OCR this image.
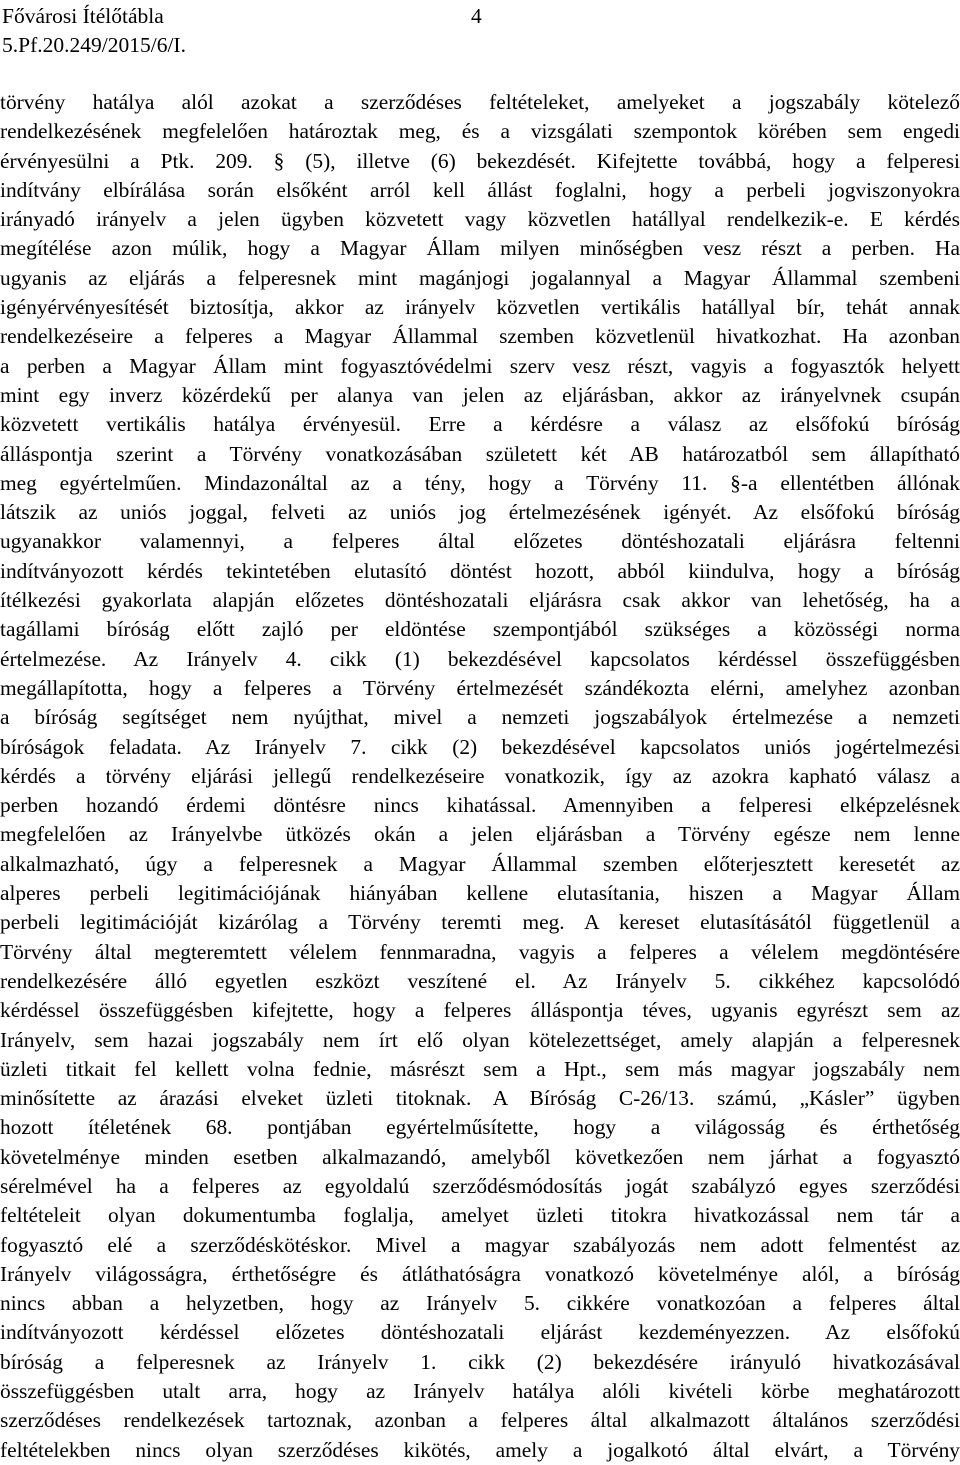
Fővárosi Ítélőtábla	4
5.Pf.20.249/2015/6/I.
törvény hatálya alól azokat a szerződéses feltételeket, amelyeket a jogszabály kötelező
rendelkezésének megfelelően határoztak meg, és a vizsgálati szempontok körében sem engedi
érvényesülni a Ptk. 209. § (5), illetve (6) bekezdését. Kifejtette továbbá, hogy a felperesi
indítvány elbírálása során elsőként arról kell állást foglalni, hogy a perbeli jogviszonyokra
irányadó irányelv a jelen ügyben közvetett vagy közvetlen hatállyal rendelkezik-e. E kérdés
megítélése azon múlik, hogy a Magyar Állam milyen minőségben vesz részt a perben. Ha
ugyanis az eljárás a felperesnek mint magánjogi jogalannyal a Magyar Állammal szembeni
igényérvényesítését biztosítja, akkor az irányelv közvetlen vertikális hatállyal bír, tehát annak
rendelkezéseire a felperes a Magyar Állammal szemben közvetlenül hivatkozhat. Ha azonban
a perben a Magyar Állam mint fogyasztóvédelmi szerv vesz részt, vagyis a fogyasztók helyett
mint egy inverz közérdekű per alanya van jelen az eljárásban, akkor az irányelvnek csupán
közvetett vertikális hatálya érvényesül. Erre a kérdésre a válasz az elsőfokú bíróság
álláspontja szerint a Törvény vonatkozásában született két AB határozatból sem állapítható
meg egyértelműen. Mindazonáltal az a tény, hogy a Törvény 11. §-a ellentétben állónak
látszik az uniós joggal, felveti az uniós jog értelmezésének igényét. Az elsőfokú bíróság
ugyanakkor valamennyi, a felperes által előzetes döntéshozatali eljárásra feltenni
indítványozott kérdés tekintetében elutasító döntést hozott, abból kiindulva, hogy a bíróság
ítélkezési gyakorlata alapján előzetes döntéshozatali eljárásra csak akkor van lehetőség, ha a
tagállami bíróság előtt zajló per eldöntése szempontjából szükséges a közösségi norma
értelmezése. Az Irányelv 4. cikk (1) bekezdésével kapcsolatos kérdéssel összefüggésben
megállapította, hogy a felperes a Törvény értelmezését szándékozta elérni, amelyhez azonban
a bíróság segítséget nem nyújthat, mivel a nemzeti jogszabályok értelmezése a nemzeti
bíróságok feladata. Az Irányelv 7. cikk (2) bekezdésével kapcsolatos uniós jogértelmezési
kérdés a törvény eljárási jellegű rendelkezéseire vonatkozik, így az azokra kapható válasz a
perben hozandó érdemi döntésre nincs kihatással. Amennyiben a felperesi elképzelésnek
megfelelően az Irányelvbe ütközés okán a jelen eljárásban a Törvény egésze nem lenne
alkalmazható, úgy a felperesnek a Magyar Állammal szemben előterjesztett keresetét az
alperes perbeli legitimációjának hiányában kellene elutasítania, hiszen a Magyar Állam
perbeli legitimációját kizárólag a Törvény teremti meg. A kereset elutasításától függetlenül a
Törvény által megteremtett vélelem fennmaradna, vagyis a felperes a vélelem megdöntésére
rendelkezésére álló egyetlen eszközt veszítené el. Az Irányelv 5. cikkéhez kapcsolódó
kérdéssel összefüggésben kifejtette, hogy a felperes álláspontja téves, ugyanis egyrészt sem az
Irányelv, sem hazai jogszabály nem írt elő olyan kötelezettséget, amely alapján a felperesnek
üzleti titkait fel kellett volna fednie, másrészt sem a Hpt., sem más magyar jogszabály nem
minősítette az árazási elveket üzleti titoknak. A Bíróság C-26/13. számú, „Kásler” ügyben
hozott ítéletének 68. pontjában egyértelműsítette, hogy a világosság és érthetőség
követelménye minden esetben alkalmazandó, amelyből következően nem járhat a fogyasztó
sérelmével ha a felperes az egyoldalú szerződésmódosítás jogát szabályzó egyes szerződési
feltételeit olyan dokumentumba foglalja, amelyet üzleti titokra hivatkozással nem tár a
fogyasztó elé a szerződéskötéskor. Mivel a magyar szabályozás nem adott felmentést az
Irányelv világosságra, érthetőségre és átláthatóságra vonatkozó követelménye alól, a bíróság
nincs abban a helyzetben, hogy az Irányelv 5. cikkére vonatkozóan a felperes által
indítványozott kérdéssel előzetes döntéshozatali eljárást kezdeményezzen. Az elsőfokú
bíróság a felperesnek az Irányelv 1. cikk (2) bekezdésére irányuló hivatkozásával
összefüggésben utalt arra, hogy az Irányelv hatálya alóli kivételi körbe meghatározott
szerződéses rendelkezések tartoznak, azonban a felperes által alkalmazott általános szerződési
feltételekben nincs olyan szerződéses kikötés, amely a jogalkotó által elvárt, a Törvény
